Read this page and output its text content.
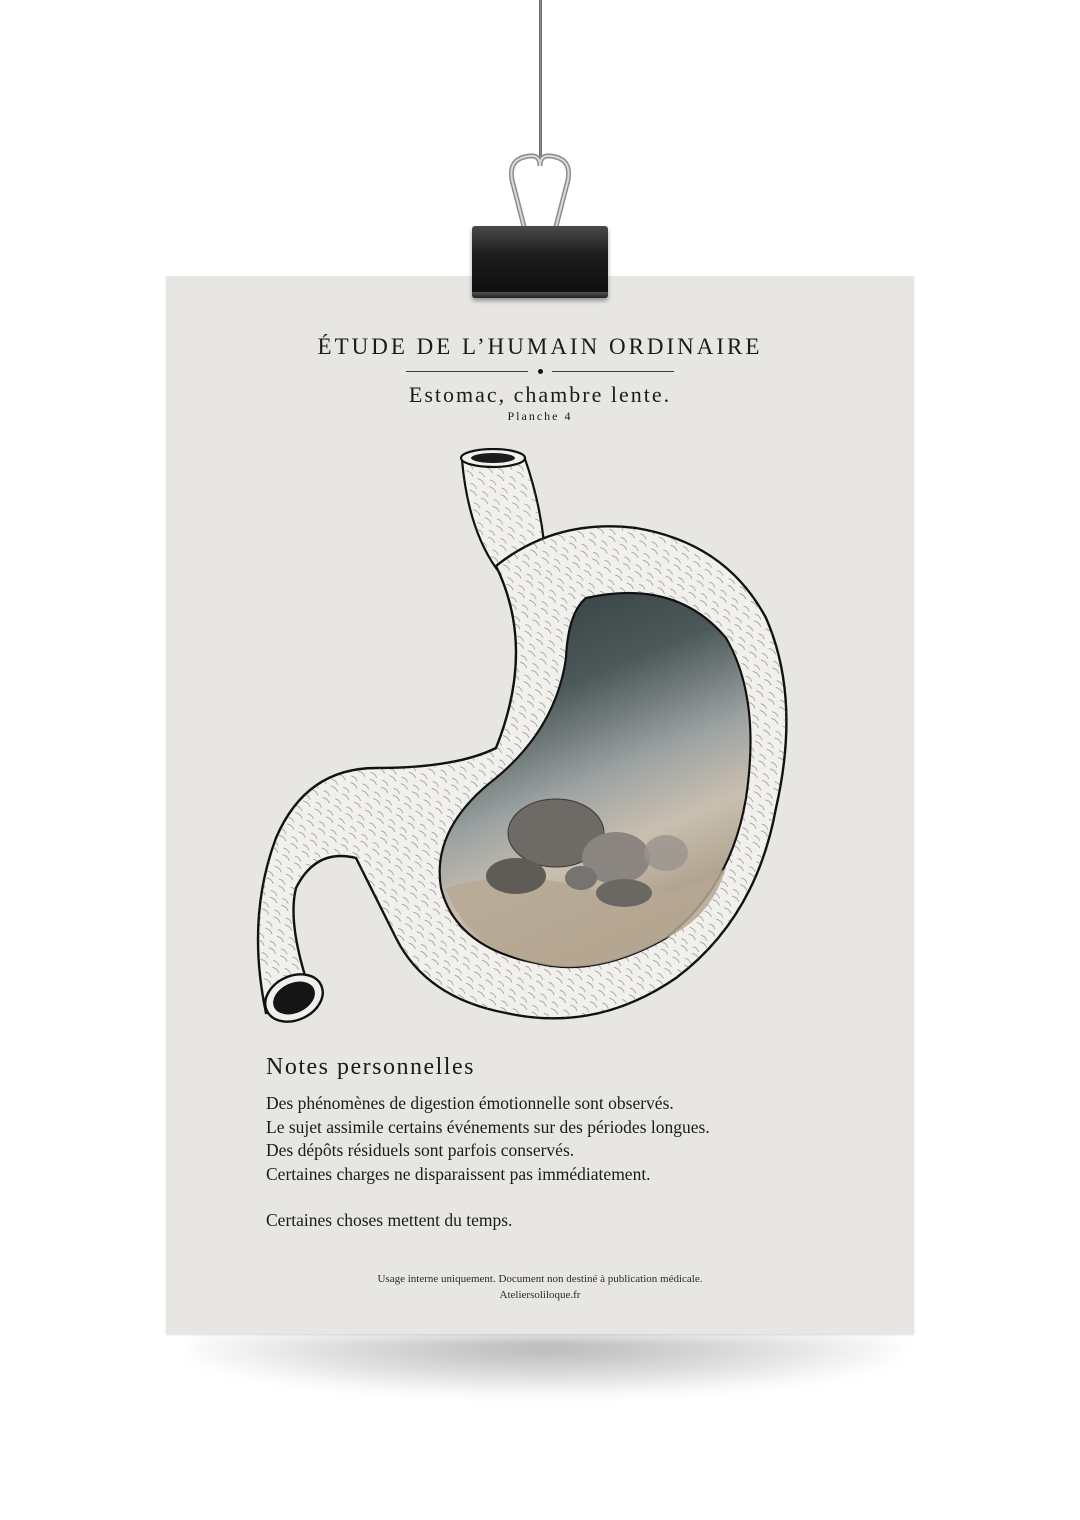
ÉTUDE DE L’HUMAIN ORDINAIRE
Estomac, chambre lente.
Planche 4
Notes personnelles
Des phénomènes de digestion émotionnelle sont observés.
Le sujet assimile certains événements sur des périodes longues.
Des dépôts résiduels sont parfois conservés.
Certaines charges ne disparaissent pas immédiatement.
Certaines choses mettent du temps.
Usage interne uniquement. Document non destiné à publication médicale.
Ateliersoliloque.fr
